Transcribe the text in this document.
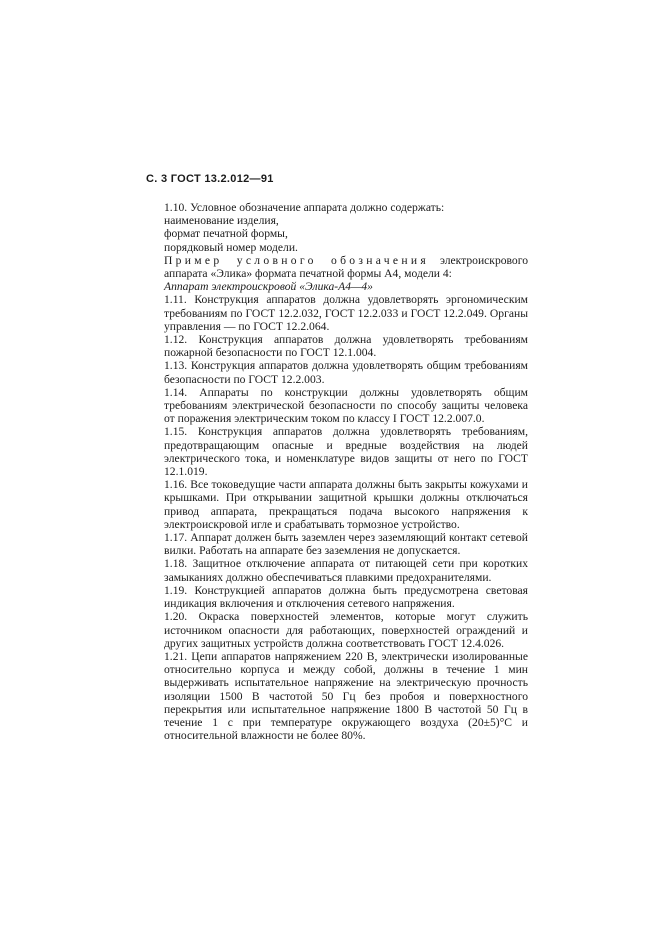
С. 3 ГОСТ 13.2.012—91

1.10. Условное обозначение аппарата должно содержать:

наименование изделия,

формат печатной формы,

порядковый номер модели.

Пример условного обозначения электроискрового аппарата «Элика» формата печатной формы А4, модели 4:

Аппарат электроискровой «Элика-А4—4»

1.11. Конструкция аппаратов должна удовлетворять эргономическим требованиям по ГОСТ 12.2.032, ГОСТ 12.2.033 и ГОСТ 12.2.049. Органы управления — по ГОСТ 12.2.064.

1.12. Конструкция аппаратов должна удовлетворять требованиям пожарной безопасности по ГОСТ 12.1.004.

1.13. Конструкция аппаратов должна удовлетворять общим требованиям безопасности по ГОСТ 12.2.003.

1.14. Аппараты по конструкции должны удовлетворять общим требованиям электрической безопасности по способу защиты человека от поражения электрическим током по классу I ГОСТ 12.2.007.0.

1.15. Конструкция аппаратов должна удовлетворять требованиям, предотвращающим опасные и вредные воздействия на людей электрического тока, и номенклатуре видов защиты от него по ГОСТ 12.1.019.

1.16. Все токоведущие части аппарата должны быть закрыты кожухами и крышками. При открывании защитной крышки должны отключаться привод аппарата, прекращаться подача высокого напряжения к электроискровой игле и срабатывать тормозное устройство.

1.17. Аппарат должен быть заземлен через заземляющий контакт сетевой вилки. Работать на аппарате без заземления не допускается.

1.18. Защитное отключение аппарата от питающей сети при коротких замыканиях должно обеспечиваться плавкими предохранителями.

1.19. Конструкцией аппаратов должна быть предусмотрена световая индикация включения и отключения сетевого напряжения.

1.20. Окраска поверхностей элементов, которые могут служить источником опасности для работающих, поверхностей ограждений и других защитных устройств должна соответствовать ГОСТ 12.4.026.

1.21. Цепи аппаратов напряжением 220 В, электрически изолированные относительно корпуса и между собой, должны в течение 1 мин выдерживать испытательное напряжение на электрическую прочность изоляции 1500 В частотой 50 Гц без пробоя и поверхностного перекрытия или испытательное напряжение 1800 В частотой 50 Гц в течение 1 с при температуре окружающего воздуха (20±5)°С и относительной влажности не более 80%.
